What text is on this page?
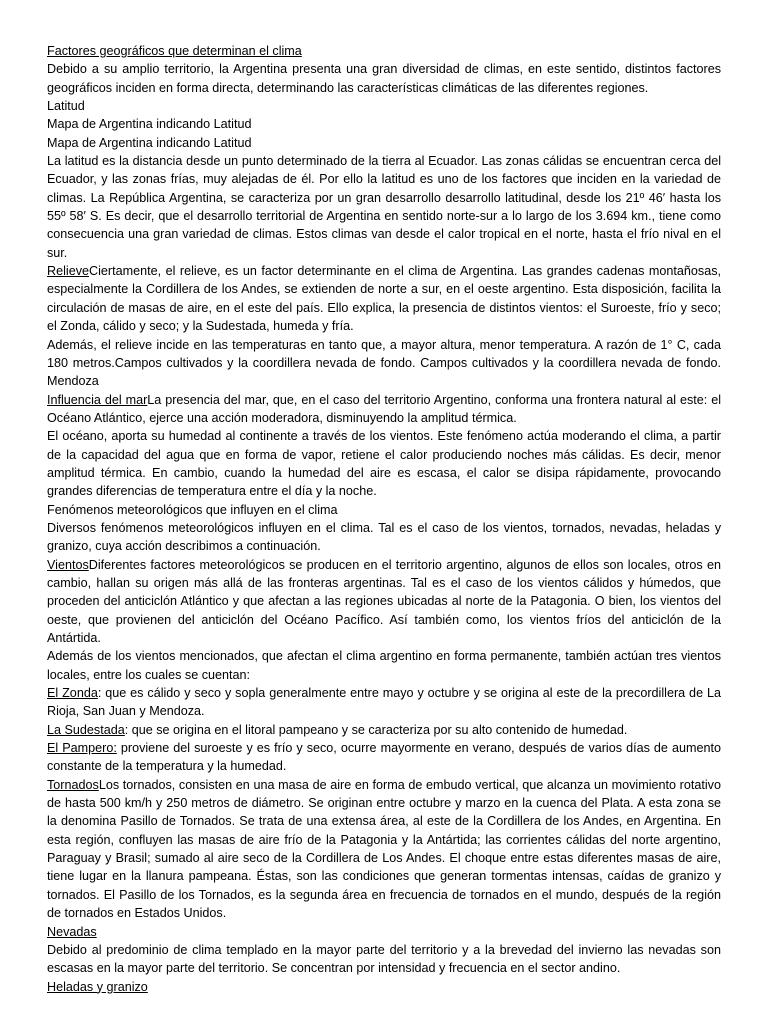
Factores geográficos que determinan el clima

Debido a su amplio territorio, la Argentina presenta una gran diversidad de climas, en este sentido, distintos factores geográficos inciden en forma directa, determinando las características climáticas de las diferentes regiones.

Latitud

Mapa de Argentina indicando Latitud

Mapa de Argentina indicando Latitud

La latitud es la distancia desde un punto determinado de la tierra al Ecuador. Las zonas cálidas se encuentran cerca del Ecuador, y las zonas frías, muy alejadas de él. Por ello la latitud es uno de los factores que inciden en la variedad de climas. La República Argentina, se caracteriza por un gran desarrollo desarrollo latitudinal, desde los 21º 46′ hasta los 55º 58′ S. Es decir, que el desarrollo territorial de Argentina en sentido norte-sur a lo largo de los 3.694 km., tiene como consecuencia una gran variedad de climas. Estos climas van desde el calor tropical en el norte, hasta el frío nival en el sur.

RelieveCiertamente, el relieve, es un factor determinante en el clima de Argentina. Las grandes cadenas montañosas, especialmente la Cordillera de los Andes, se extienden de norte a sur, en el oeste argentino. Esta disposición, facilita la circulación de masas de aire, en el este del país. Ello explica, la presencia de distintos vientos: el Suroeste, frío y seco; el Zonda, cálido y seco; y la Sudestada, humeda y fría.

Además, el relieve incide en las temperaturas en tanto que, a mayor altura, menor temperatura. A razón de 1° C, cada 180 metros.Campos cultivados y la coordillera nevada de fondo. Campos cultivados y la coordillera nevada de fondo. Mendoza

Influencia del marLa presencia del mar, que, en el caso del territorio Argentino, conforma una frontera natural al este: el Océano Atlántico, ejerce una acción moderadora, disminuyendo la amplitud térmica.

El océano, aporta su humedad al continente a través de los vientos. Este fenómeno actúa moderando el clima, a partir de la capacidad del agua que en forma de vapor, retiene el calor produciendo noches más cálidas. Es decir, menor amplitud térmica. En cambio, cuando la humedad del aire es escasa, el calor se disipa rápidamente, provocando grandes diferencias de temperatura entre el día y la noche.

Fenómenos meteorológicos que influyen en el clima

Diversos fenómenos meteorológicos influyen en el clima. Tal es el caso de los vientos, tornados, nevadas, heladas y granizo, cuya acción describimos a continuación.

VientosDiferentes factores meteorológicos se producen en el territorio argentino, algunos de ellos son locales, otros en cambio, hallan su origen más allá de las fronteras argentinas. Tal es el caso de los vientos cálidos y húmedos, que proceden del anticiclón Atlántico y que afectan a las regiones ubicadas al norte de la Patagonia. O bien, los vientos del oeste, que provienen del anticiclón del Océano Pacífico. Así también como, los vientos fríos del anticiclón de la Antártida.

Además de los vientos mencionados, que afectan el clima argentino en forma permanente, también actúan tres vientos locales, entre los cuales se cuentan:

El Zonda: que es cálido y seco y sopla generalmente entre mayo y octubre y se origina al este de la precordillera de La Rioja, San Juan y Mendoza.

La Sudestada: que se origina en el litoral pampeano y se caracteriza por su alto contenido de humedad.

El Pampero: proviene del suroeste y es frío y seco, ocurre mayormente en verano, después de varios días de aumento constante de la temperatura y la humedad.

TornadosLos tornados, consisten en una masa de aire en forma de embudo vertical, que alcanza un movimiento rotativo de hasta 500 km/h y 250 metros de diámetro. Se originan entre octubre y marzo en la cuenca del Plata. A esta zona se la denomina Pasillo de Tornados. Se trata de una extensa área, al este de la Cordillera de los Andes, en Argentina. En esta región, confluyen las masas de aire frío de la Patagonia y la Antártida; las corrientes cálidas del norte argentino, Paraguay y Brasil; sumado al aire seco de la Cordillera de Los Andes. El choque entre estas diferentes masas de aire, tiene lugar en la llanura pampeana. Éstas, son las condiciones que generan tormentas intensas, caídas de granizo y tornados. El Pasillo de los Tornados, es la segunda área en frecuencia de tornados en el mundo, después de la región de tornados en Estados Unidos.

Nevadas

Debido al predominio de clima templado en la mayor parte del territorio y a la brevedad del invierno las nevadas son escasas en la mayor parte del territorio. Se concentran por intensidad y frecuencia en el sector andino.

Heladas y granizo
